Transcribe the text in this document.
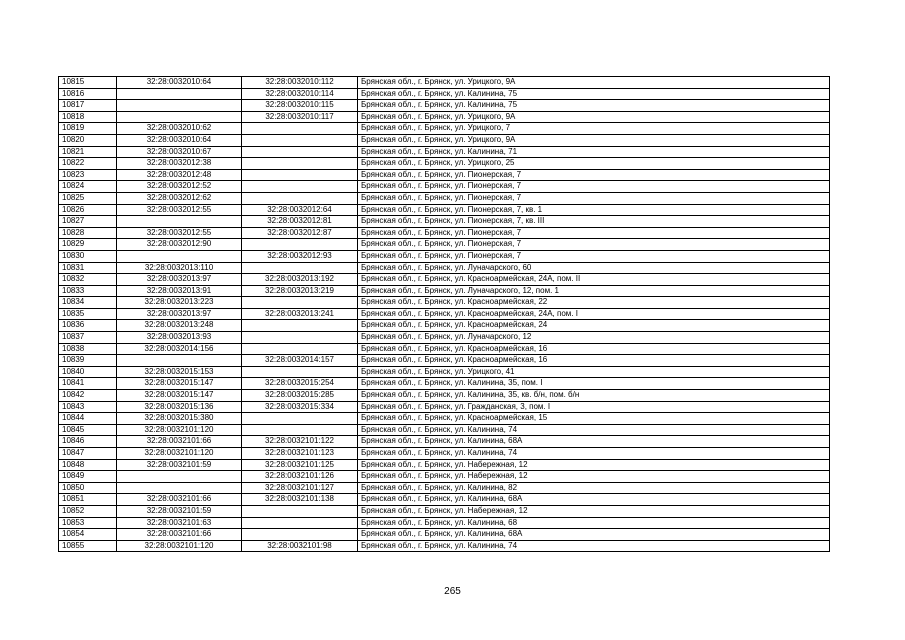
10815	32:28:0032010:64	32:28:0032010:112	Брянская обл., г. Брянск, ул. Урицкого, 9А
10816		32:28:0032010:114	Брянская обл., г. Брянск, ул. Калинина, 75
10817		32:28:0032010:115	Брянская обл., г. Брянск, ул. Калинина, 75
10818		32:28:0032010:117	Брянская обл., г. Брянск, ул. Урицкого, 9А
10819	32:28:0032010:62		Брянская обл., г. Брянск, ул. Урицкого, 7
10820	32:28:0032010:64		Брянская обл., г. Брянск, ул. Урицкого, 9А
10821	32:28:0032010:67		Брянская обл., г. Брянск, ул. Калинина, 71
10822	32:28:0032012:38		Брянская обл., г. Брянск, ул. Урицкого, 25
10823	32:28:0032012:48		Брянская обл., г. Брянск, ул. Пионерская, 7
10824	32:28:0032012:52		Брянская обл., г. Брянск, ул. Пионерская, 7
10825	32:28:0032012:62		Брянская обл., г. Брянск, ул. Пионерская, 7
10826	32:28:0032012:55	32:28:0032012:64	Брянская обл., г. Брянск, ул. Пионерская, 7, кв. 1
10827		32:28:0032012:81	Брянская обл., г. Брянск, ул. Пионерская, 7, кв. III
10828	32:28:0032012:55	32:28:0032012:87	Брянская обл., г. Брянск, ул. Пионерская, 7
10829	32:28:0032012:90		Брянская обл., г. Брянск, ул. Пионерская, 7
10830		32:28:0032012:93	Брянская обл., г. Брянск, ул. Пионерская, 7
10831	32:28:0032013:110		Брянская обл., г. Брянск, ул. Луначарского, 60
10832	32:28:0032013:97	32:28:0032013:192	Брянская обл., г. Брянск, ул. Красноармейская, 24А, пом. II
10833	32:28:0032013:91	32:28:0032013:219	Брянская обл., г. Брянск, ул. Луначарского, 12, пом. 1
10834	32:28:0032013:223		Брянская обл., г. Брянск, ул. Красноармейская, 22
10835	32:28:0032013:97	32:28:0032013:241	Брянская обл., г. Брянск, ул. Красноармейская, 24А, пом. I
10836	32:28:0032013:248		Брянская обл., г. Брянск, ул. Красноармейская, 24
10837	32:28:0032013:93		Брянская обл., г. Брянск, ул. Луначарского, 12
10838	32:28:0032014:156		Брянская обл., г. Брянск, ул. Красноармейская, 16
10839		32:28:0032014:157	Брянская обл., г. Брянск, ул. Красноармейская, 16
10840	32:28:0032015:153		Брянская обл., г. Брянск, ул. Урицкого, 41
10841	32:28:0032015:147	32:28:0032015:254	Брянская обл., г. Брянск, ул. Калинина, 35, пом. I
10842	32:28:0032015:147	32:28:0032015:285	Брянская обл., г. Брянск, ул. Калинина, 35, кв. б/н, пом. б/н
10843	32:28:0032015:136	32:28:0032015:334	Брянская обл., г. Брянск, ул. Гражданская, 3, пом. I
10844	32:28:0032015:380		Брянская обл., г. Брянск, ул. Красноармейская, 15
10845	32:28:0032101:120		Брянская обл., г. Брянск, ул. Калинина, 74
10846	32:28:0032101:66	32:28:0032101:122	Брянская обл., г. Брянск, ул. Калинина, 68А
10847	32:28:0032101:120	32:28:0032101:123	Брянская обл., г. Брянск, ул. Калинина, 74
10848	32:28:0032101:59	32:28:0032101:125	Брянская обл., г. Брянск, ул. Набережная, 12
10849		32:28:0032101:126	Брянская обл., г. Брянск, ул. Набережная, 12
10850		32:28:0032101:127	Брянская обл., г. Брянск, ул. Калинина, 82
10851	32:28:0032101:66	32:28:0032101:138	Брянская обл., г. Брянск, ул. Калинина, 68А
10852	32:28:0032101:59		Брянская обл., г. Брянск, ул. Набережная, 12
10853	32:28:0032101:63		Брянская обл., г. Брянск, ул. Калинина, 68
10854	32:28:0032101:66		Брянская обл., г. Брянск, ул. Калинина, 68А
10855	32:28:0032101:120	32:28:0032101:98	Брянская обл., г. Брянск, ул. Калинина, 74
265
